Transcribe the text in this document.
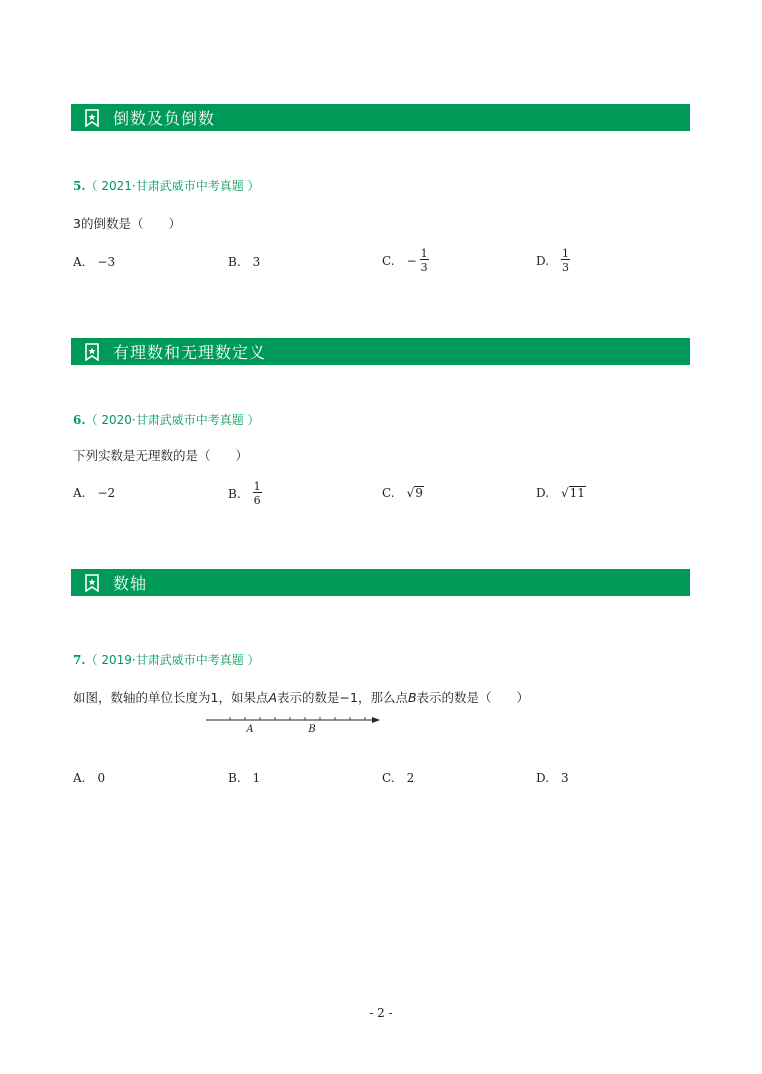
倒数及负倒数
5.（ 2021·甘肃武威市中考真题 ）
3的倒数是（　　）
A. −3	B. 3	C. − $\frac{1}{3}$	D. $\frac{1}{3}$
有理数和无理数定义
6.（ 2020·甘肃武威市中考真题 ）
下列实数是无理数的是（　　）
A. −2	B. $\frac{1}{6}$	C. √ 9	D. √ 11
数轴
7.（ 2019·甘肃武威市中考真题 ）
如图，数轴的单位长度为1，如果点A表示的数是−1，那么点B表示的数是（　　）
A	B
A. 0	B. 1	C. 2	D. 3
- 2 -
